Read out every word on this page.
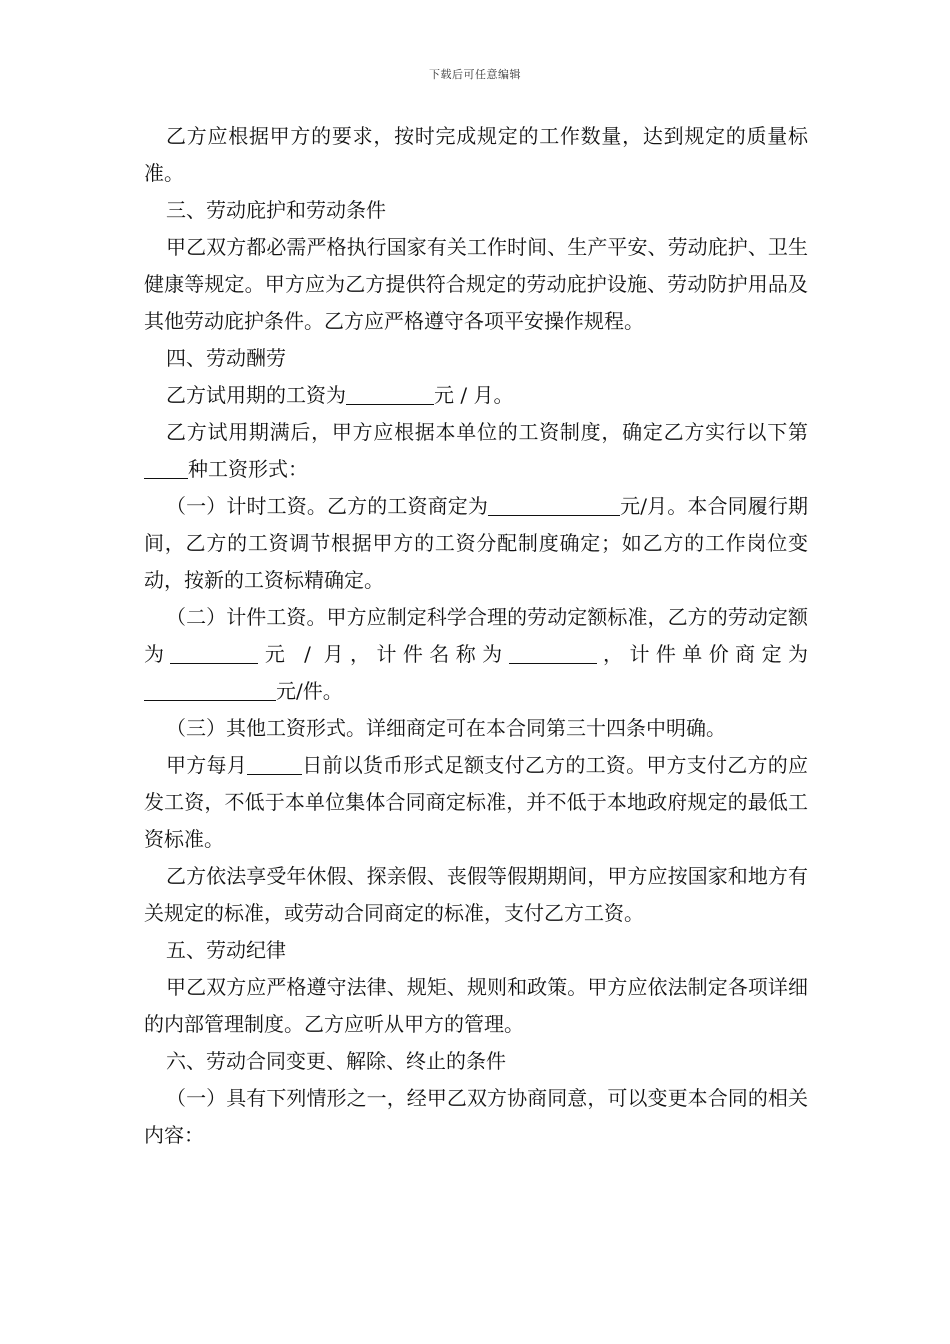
下载后可任意编辑

乙方应根据甲方的要求，按时完成规定的工作数量，达到规定的质量标准。

三、劳动庇护和劳动条件

甲乙双方都必需严格执行国家有关工作时间、生产平安、劳动庇护、卫生健康等规定。甲方应为乙方提供符合规定的劳动庇护设施、劳动防护用品及其他劳动庇护条件。乙方应严格遵守各项平安操作规程。

四、劳动酬劳

乙方试用期的工资为	元 / 月。

乙方试用期满后，甲方应根据本单位的工资制度，确定乙方实行以下第种工资形式：

（一）计时工资。乙方的工资商定为	元/月。本合同履行期间，乙方的工资调节根据甲方的工资分配制度确定；如乙方的工作岗位变动，按新的工资标精确定。

（二）计件工资。甲方应制定科学合理的劳动定额标准，乙方的劳动定额为	元 / 月，计件名称为	，计件单价商定为元/件。

（三）其他工资形式。详细商定可在本合同第三十四条中明确。

甲方每月	日前以货币形式足额支付乙方的工资。甲方支付乙方的应发工资，不低于本单位集体合同商定标准，并不低于本地政府规定的最低工资标准。

乙方依法享受年休假、探亲假、丧假等假期期间，甲方应按国家和地方有关规定的标准，或劳动合同商定的标准，支付乙方工资。

五、劳动纪律

甲乙双方应严格遵守法律、规矩、规则和政策。甲方应依法制定各项详细的内部管理制度。乙方应听从甲方的管理。

六、劳动合同变更、解除、终止的条件

（一）具有下列情形之一，经甲乙双方协商同意，可以变更本合同的相关内容：
